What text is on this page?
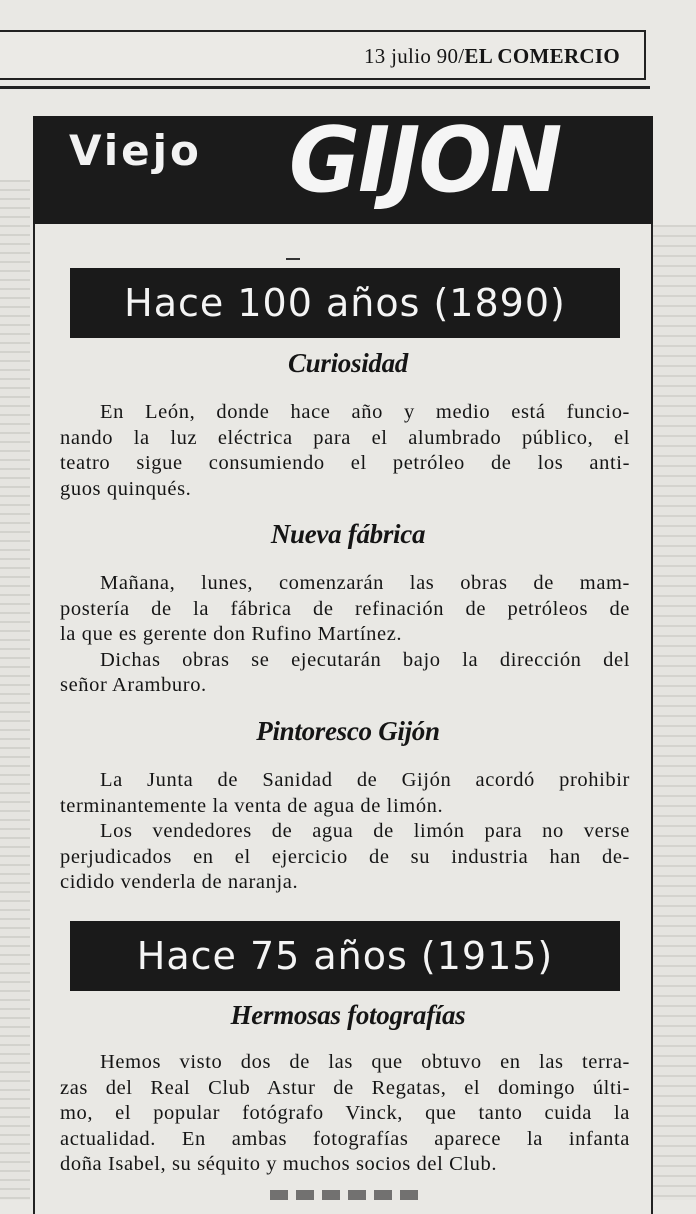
13 julio 90/EL COMERCIO
Viejo GIJON
Hace 100 años (1890)
Curiosidad

En León, donde hace año y medio está funcio-
nando la luz eléctrica para el alumbrado público, el
teatro sigue consumiendo el petróleo de los anti-
guos quinqués.

Nueva fábrica

Mañana, lunes, comenzarán las obras de mam-
postería de la fábrica de refinación de petróleos de
la que es gerente don Rufino Martínez.
Dichas obras se ejecutarán bajo la dirección del
señor Aramburo.

Pintoresco Gijón

La Junta de Sanidad de Gijón acordó prohibir
terminantemente la venta de agua de limón.
Los vendedores de agua de limón para no verse
perjudicados en el ejercicio de su industria han de-
cidido venderla de naranja.

Hace 75 años (1915)
Hermosas fotografías

Hemos visto dos de las que obtuvo en las terra-
zas del Real Club Astur de Regatas, el domingo últi-
mo, el popular fotógrafo Vinck, que tanto cuida la
actualidad. En ambas fotografías aparece la infanta
doña Isabel, su séquito y muchos socios del Club.
